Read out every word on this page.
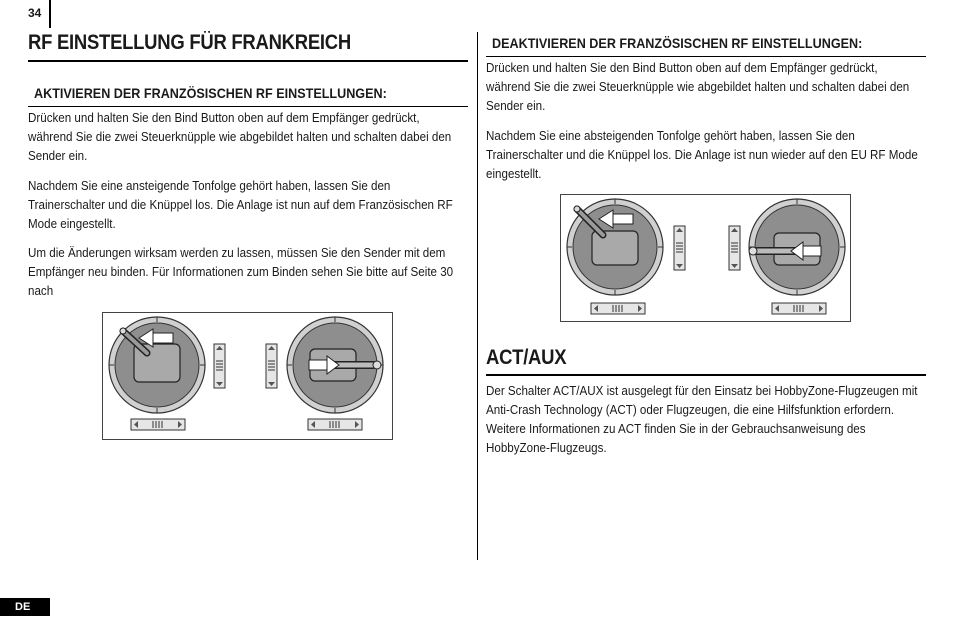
34
DE
RF EINSTELLUNG FÜR FRANKREICH
AKTIVIEREN DER FRANZÖSISCHEN RF EINSTELLUNGEN:

Drücken und halten Sie den Bind Button oben auf dem Empfänger gedrückt, während Sie die zwei Steuerknüpple wie abgebildet halten und schalten dabei den Sender ein.

Nachdem Sie eine ansteigende Tonfolge gehört haben, lassen Sie den Trainerschalter und die Knüppel los. Die Anlage ist nun auf dem Französischen RF Mode eingestellt.

Um die Änderungen wirksam werden zu lassen, müssen Sie den Sender mit dem Empfänger neu binden. Für Informationen zum Binden sehen Sie bitte auf Seite 30 nach

DEAKTIVIEREN DER FRANZÖSISCHEN RF EINSTELLUNGEN:

Drücken und halten Sie den Bind Button oben auf dem Empfänger gedrückt, während Sie die zwei Steuerknüpple wie abgebildet halten und schalten dabei den Sender ein.

Nachdem Sie eine absteigenden Tonfolge gehört haben, lassen Sie den Trainerschalter und die Knüppel los. Die Anlage ist nun wieder auf den EU RF Mode eingestellt.

ACT/AUX

Der Schalter ACT/AUX ist ausgelegt für den Einsatz bei HobbyZone-Flugzeugen mit Anti-Crash Technology (ACT) oder Flugzeugen, die eine Hilfsfunktion erfordern. Weitere Informationen zu ACT finden Sie in der Gebrauchsanweisung des HobbyZone-Flugzeugs.
